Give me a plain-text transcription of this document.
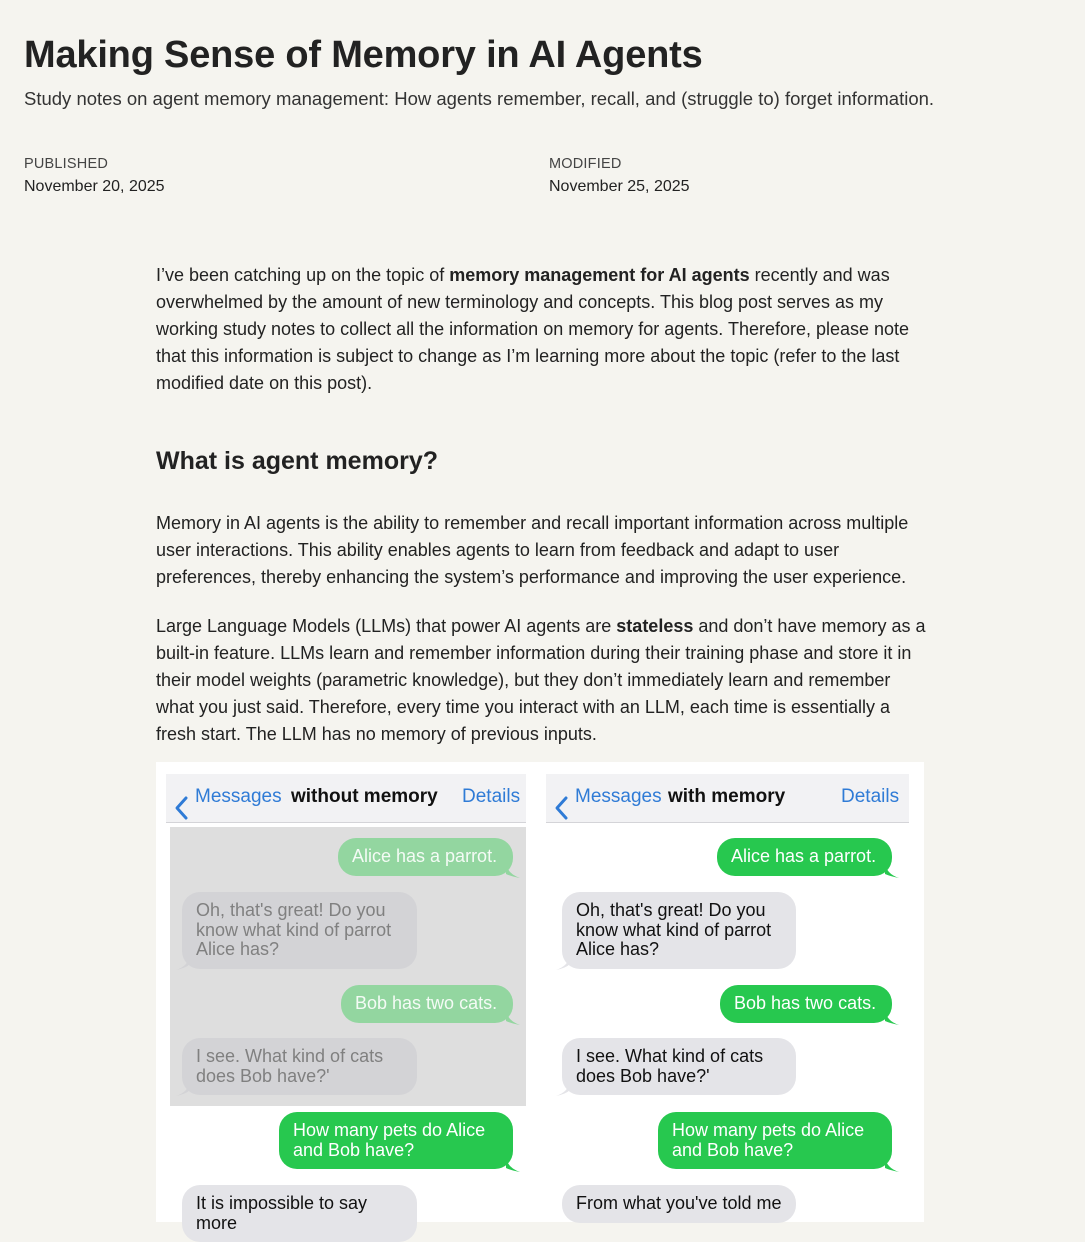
Making Sense of Memory in AI Agents

Study notes on agent memory management: How agents remember, recall, and (struggle to) forget information.

PUBLISHED
November 20, 2025
MODIFIED
November 25, 2025

I’ve been catching up on the topic of memory management for AI agents recently and was overwhelmed by the amount of new terminology and concepts. This blog post serves as my working study notes to collect all the information on memory for agents. Therefore, please note that this information is subject to change as I’m learning more about the topic (refer to the last modified date on this post).

What is agent memory?

Memory in AI agents is the ability to remember and recall important information across multiple user interactions. This ability enables agents to learn from feedback and adapt to user preferences, thereby enhancing the system’s performance and improving the user experience.

Large Language Models (LLMs) that power AI agents are stateless and don’t have memory as a built-in feature. LLMs learn and remember information during their training phase and store it in their model weights (parametric knowledge), but they don’t immediately learn and remember what you just said. Therefore, every time you interact with an LLM, each time is essentially a fresh start. The LLM has no memory of previous inputs.

Messages without memory Details
Alice has a parrot.
Oh, that's great! Do you know what kind of parrot Alice has?
Bob has two cats.
I see. What kind of cats does Bob have?'
How many pets do Alice and Bob have?
It is impossible to say more
Messages with memory	Details
Alice has a parrot.
Oh, that's great! Do you know what kind of parrot Alice has?
Bob has two cats.
I see. What kind of cats does Bob have?'
How many pets do Alice and Bob have?
From what you've told me
